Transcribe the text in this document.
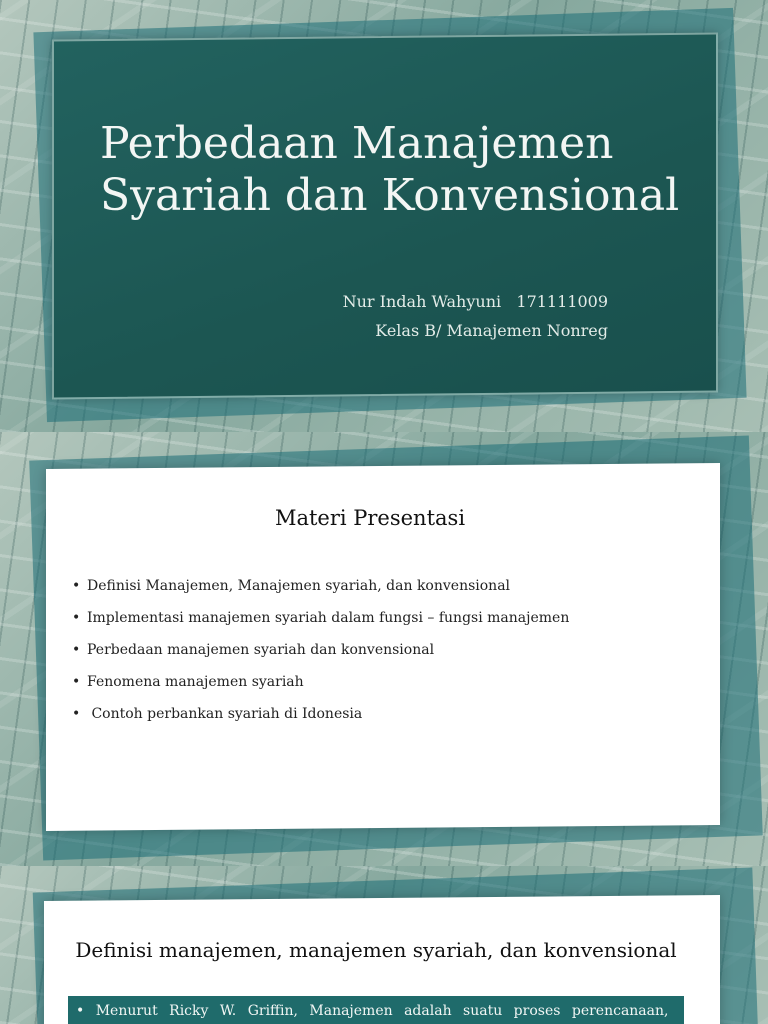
Perbedaan Manajemen
Syariah dan Konvensional
Nur Indah Wahyuni   171111009
Kelas B/ Manajemen Nonreg
Materi Presentasi
• Definisi Manajemen, Manajemen syariah, dan konvensional
• Implementasi manajemen syariah dalam fungsi – fungsi manajemen
• Perbedaan manajemen syariah dan konvensional
• Fenomena manajemen syariah
• Contoh perbankan syariah di Idonesia
Definisi manajemen, manajemen syariah, dan konvensional
• Menurut Ricky W. Griffin, Manajemen adalah suatu proses perencanaan,
